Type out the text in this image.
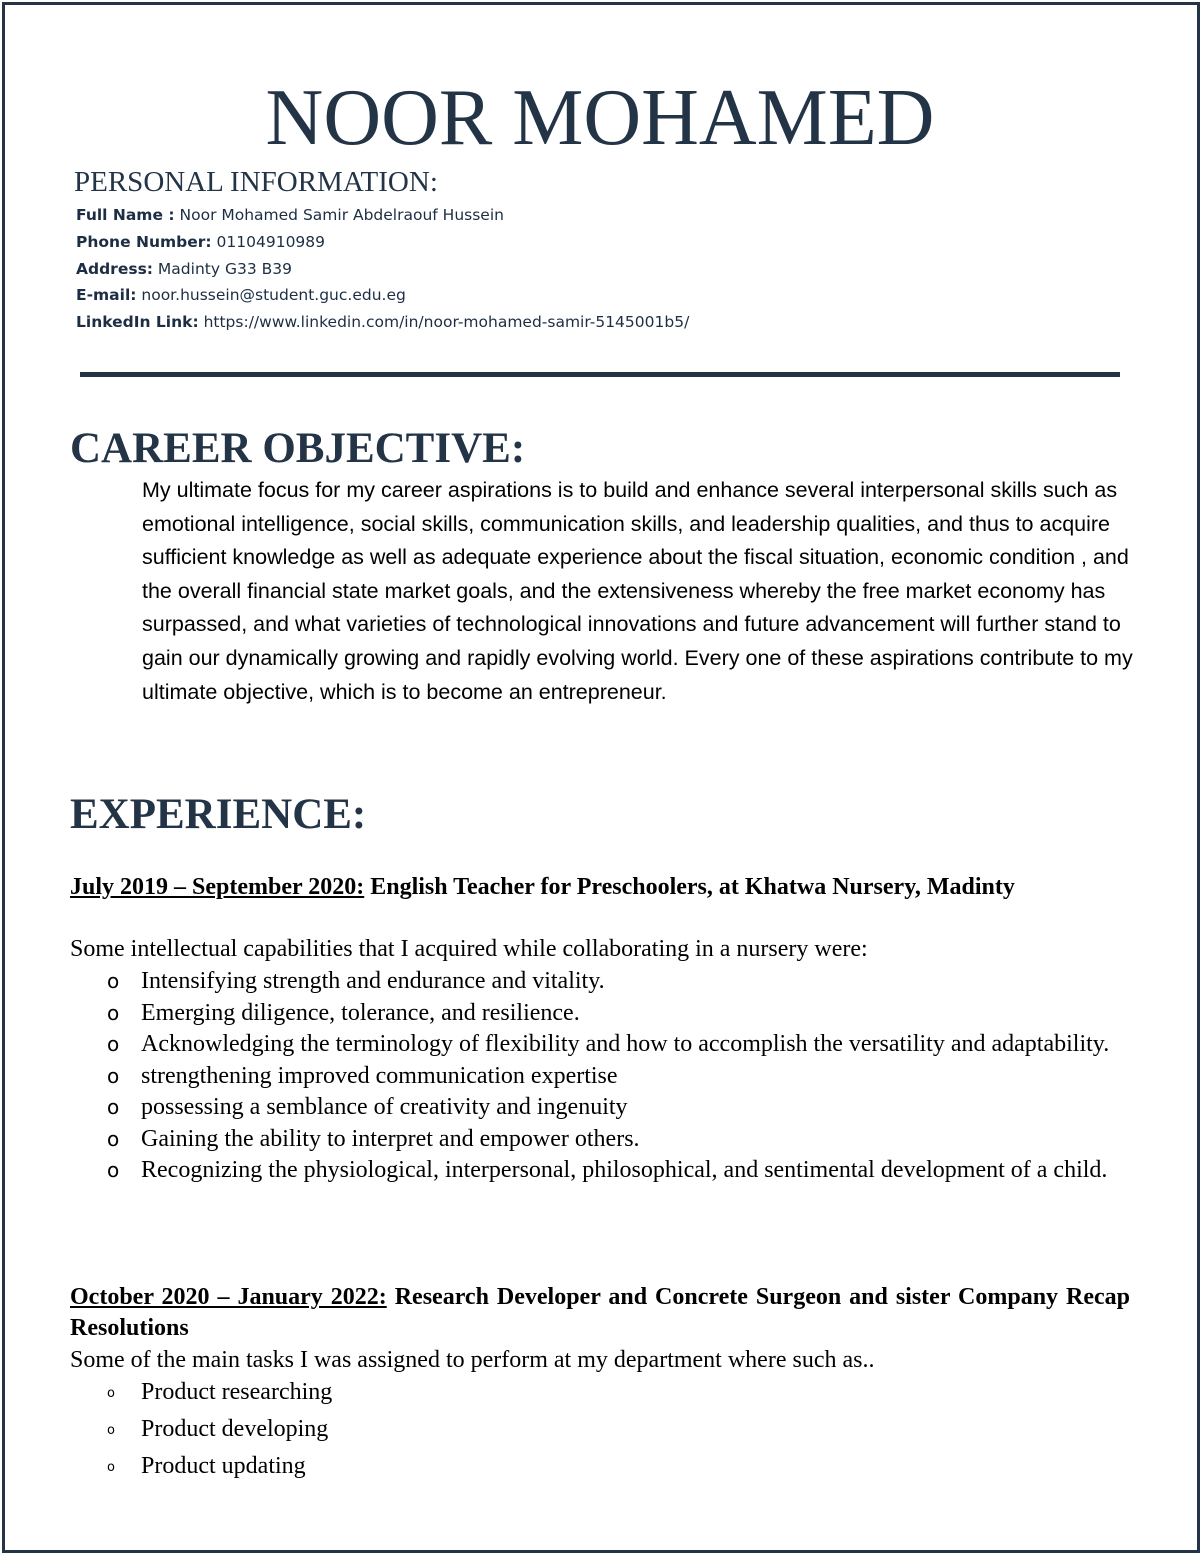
NOOR MOHAMED
PERSONAL INFORMATION:
Full Name : Noor Mohamed Samir Abdelraouf Hussein
Phone Number: 01104910989
Address: Madinty G33 B39
E-mail: noor.hussein@student.guc.edu.eg
LinkedIn Link: https://www.linkedin.com/in/noor-mohamed-samir-5145001b5/
CAREER OBJECTIVE:

My ultimate focus for my career aspirations is to build and enhance several interpersonal skills such as emotional intelligence, social skills, communication skills, and leadership qualities, and thus to acquire sufficient knowledge as well as adequate experience about the fiscal situation, economic condition , and the overall financial state market goals, and the extensiveness whereby the free market economy has surpassed, and what varieties of technological innovations and future advancement will further stand to gain our dynamically growing and rapidly evolving world. Every one of these aspirations contribute to my ultimate objective, which is to become an entrepreneur.

EXPERIENCE:

July 2019 – September 2020: English Teacher for Preschoolers, at Khatwa Nursery, Madinty

Some intellectual capabilities that I acquired while collaborating in a nursery were:

o Intensifying strength and endurance and vitality.
o Emerging diligence, tolerance, and resilience.
o Acknowledging the terminology of flexibility and how to accomplish the versatility and adaptability.
o strengthening improved communication expertise
o possessing a semblance of creativity and ingenuity
o Gaining the ability to interpret and empower others.
o Recognizing the physiological, interpersonal, philosophical, and sentimental development of a child.

October 2020 – January 2022: Research Developer and Concrete Surgeon and sister Company Recap Resolutions

Some of the main tasks I was assigned to perform at my department where such as..

o Product researching
o Product developing
o Product updating
